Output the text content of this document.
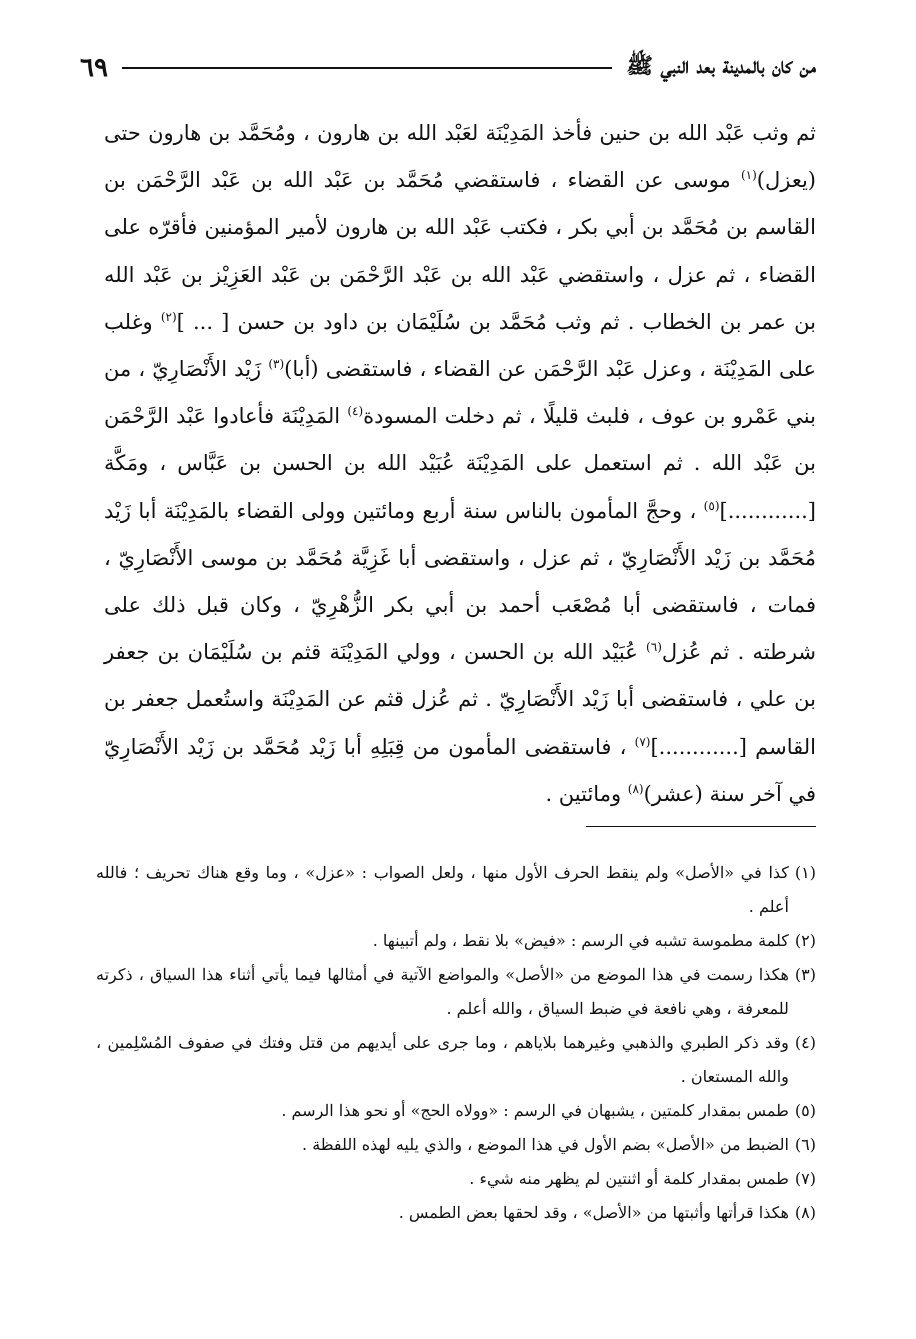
من كان بالمدينة بعد النبي ﷺ
٦٩

ثم وثب عَبْد الله بن حنين فأخذ المَدِيْنَة لعَبْد الله بن هارون ، ومُحَمَّد بن هارون حتى (يعزل)$^{(١)}$ موسى عن القضاء ، فاستقضي مُحَمَّد بن عَبْد الله بن عَبْد الرَّحْمَن بن القاسم بن مُحَمَّد بن أبي بكر ، فكتب عَبْد الله بن هارون لأمير المؤمنين فأقرّه على القضاء ، ثم عزل ، واستقضي عَبْد الله بن عَبْد الرَّحْمَن بن عَبْد العَزِيْز بن عَبْد الله بن عمر بن الخطاب . ثم وثب مُحَمَّد بن سُلَيْمَان بن داود بن حسن [ ... ]$^{(٢)}$ وغلب على المَدِيْنَة ، وعزل عَبْد الرَّحْمَن عن القضاء ، فاستقضى (أبا)$^{(٣)}$ زَيْد الأَنْصَارِيّ ، من بني عَمْرو بن عوف ، فلبث قليلًا ، ثم دخلت المسودة$^{(٤)}$ المَدِيْنَة فأعادوا عَبْد الرَّحْمَن بن عَبْد الله . ثم استعمل على المَدِيْنَة عُبَيْد الله بن الحسن بن عَبَّاس ، ومَكَّة [............]$^{(٥)}$ ، وحجَّ المأمون بالناس سنة أربع ومائتين وولى القضاء بالمَدِيْنَة أبا زَيْد مُحَمَّد بن زَيْد الأَنْصَارِيّ ، ثم عزل ، واستقضى أبا غَزِيَّة مُحَمَّد بن موسى الأَنْصَارِيّ ، فمات ، فاستقضى أبا مُصْعَب أحمد بن أبي بكر الزُّهْرِيّ ، وكان قبل ذلك على شرطته . ثم عُزل$^{(٦)}$ عُبَيْد الله بن الحسن ، وولي المَدِيْنَة قثم بن سُلَيْمَان بن جعفر بن علي ، فاستقضى أبا زَيْد الأَنْصَارِيّ . ثم عُزل قثم عن المَدِيْنَة واستُعمل جعفر بن القاسم [............]$^{(٧)}$ ، فاستقضى المأمون من قِبَلِهِ أبا زَيْد مُحَمَّد بن زَيْد الأَنْصَارِيّ في آخر سنة (عشر)$^{(٨)}$ ومائتين .

(١)
كذا في «الأصل» ولم ينقط الحرف الأول منها ، ولعل الصواب : «عزل» ، وما وقع هناك تحريف ؛ فالله أعلم .
(٢)
كلمة مطموسة تشبه في الرسم : «فيض» بلا نقط ، ولم أتبينها .
(٣)
هكذا رسمت في هذا الموضع من «الأصل» والمواضع الآتية في أمثالها فيما يأتي أثناء هذا السياق ، ذكرته للمعرفة ، وهي نافعة في ضبط السياق ، والله أعلم .
(٤)
وقد ذكر الطبري والذهبي وغيرهما بلاياهم ، وما جرى على أيديهم من قتل وفتك في صفوف المُسْلِمين ، والله المستعان .
(٥)
طمس بمقدار كلمتين ، يشبهان في الرسم : «وولاه الحج» أو نحو هذا الرسم .
(٦)
الضبط من «الأصل» بضم الأول في هذا الموضع ، والذي يليه لهذه اللفظة .
(٧)
طمس بمقدار كلمة أو اثنتين لم يظهر منه شيء .
(٨)
هكذا قرأتها وأثبتها من «الأصل» ، وقد لحقها بعض الطمس .
